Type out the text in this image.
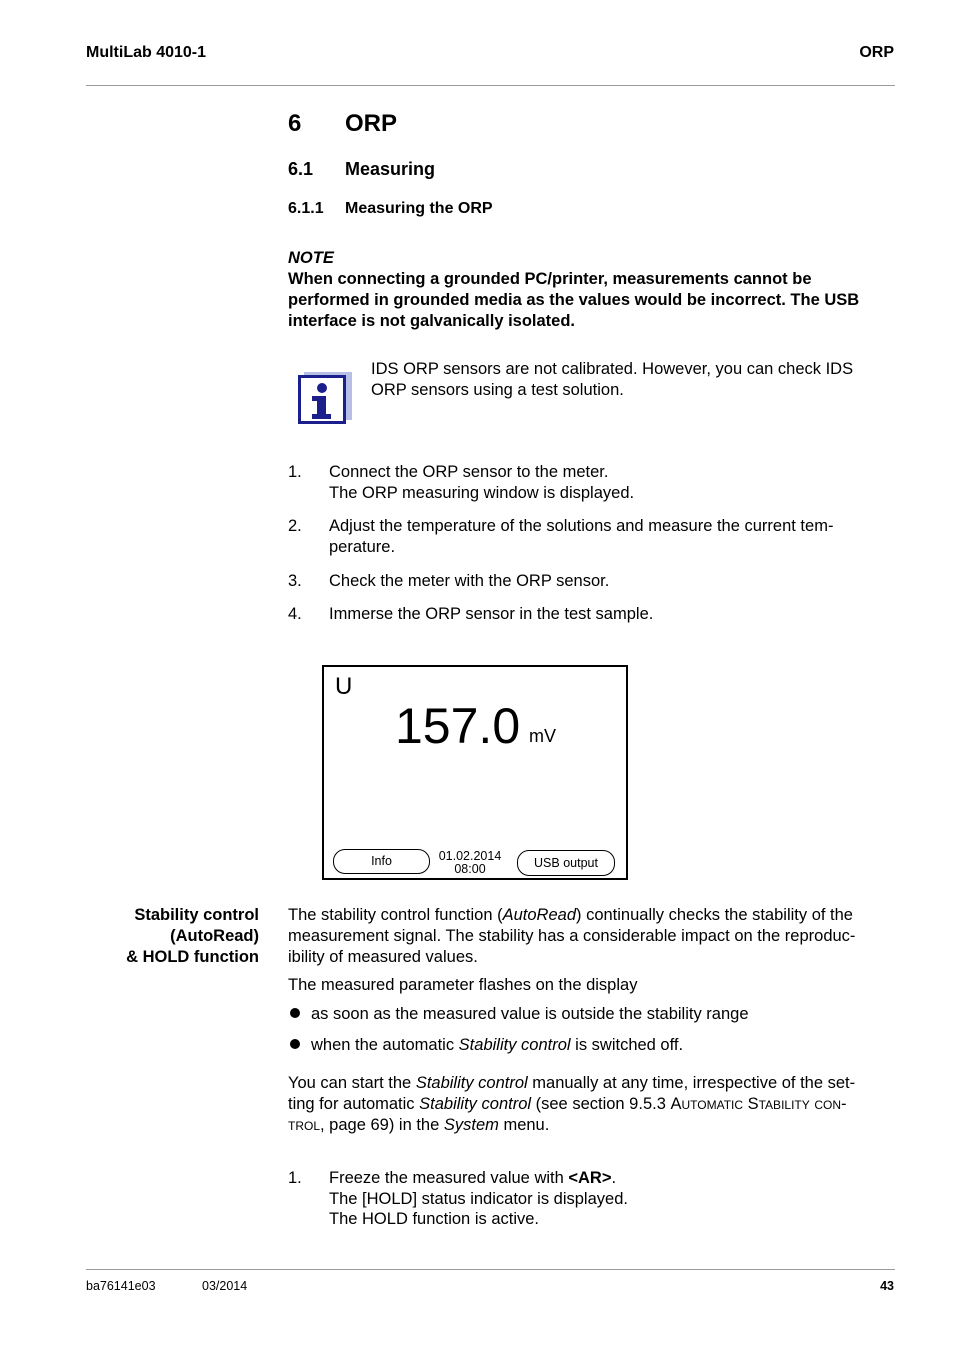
MultiLab 4010-1	ORP
6 ORP
6.1 Measuring
6.1.1 Measuring the ORP
NOTE
When connecting a grounded PC/printer, measurements cannot be
performed in grounded media as the values would be incorrect. The USB
interface is not galvanically isolated.
IDS ORP sensors are not calibrated. However, you can check IDS
ORP sensors using a test solution.
1. Connect the ORP sensor to the meter.
The ORP measuring window is displayed.
2. Adjust the temperature of the solutions and measure the current tem-
perature.
3. Check the meter with the ORP sensor.
4. Immerse the ORP sensor in the test sample.
U
157.0 mV
Info	01.02.2014
08:00	USB output
Stability control
(AutoRead)
& HOLD function
The stability control function (AutoRead) continually checks the stability of the
measurement signal. The stability has a considerable impact on the reproduc-
ibility of measured values.
The measured parameter flashes on the display
as soon as the measured value is outside the stability range
when the automatic Stability control is switched off.
You can start the Stability control manually at any time, irrespective of the set-
ting for automatic Stability control (see section 9.5.3 Automatic Stability con-
trol, page 69) in the System menu.
1. Freeze the measured value with <AR>.
The [HOLD] status indicator is displayed.
The HOLD function is active.
ba76141e03	03/2014	43
